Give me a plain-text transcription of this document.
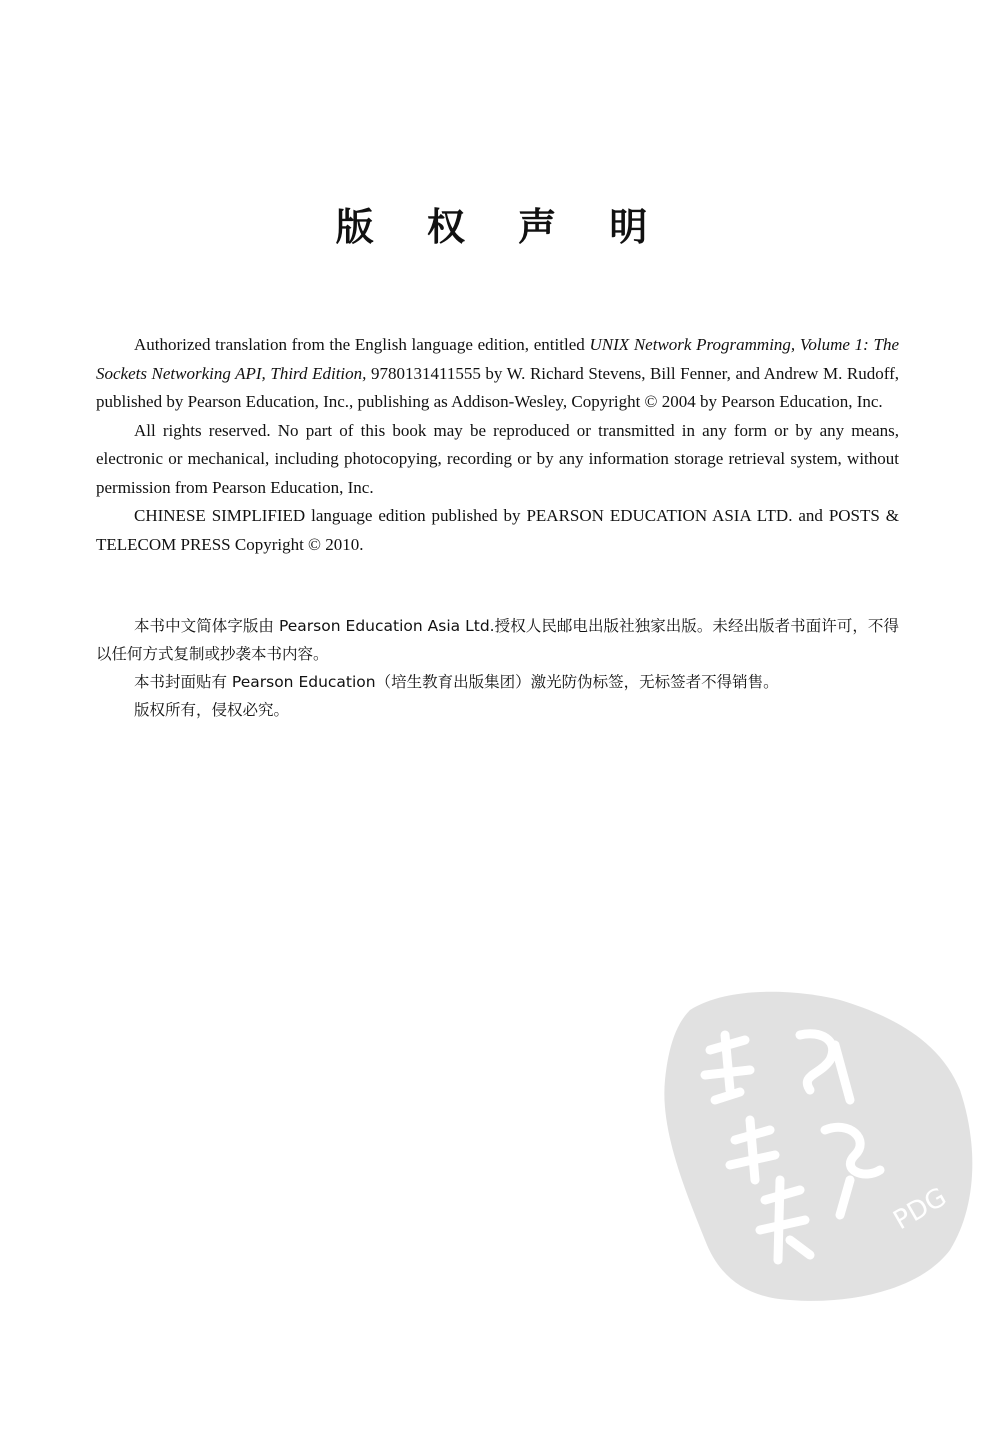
版 权 声 明

Authorized translation from the English language edition, entitled UNIX Network Programming, Volume 1: The Sockets Networking API, Third Edition, 9780131411555 by W. Richard Stevens, Bill Fenner, and Andrew M. Rudoff, published by Pearson Education, Inc., publishing as Addison-Wesley, Copyright © 2004 by Pearson Education, Inc.

All rights reserved. No part of this book may be reproduced or transmitted in any form or by any means, electronic or mechanical, including photocopying, recording or by any information storage retrieval system, without permission from Pearson Education, Inc.

CHINESE SIMPLIFIED language edition published by PEARSON EDUCATION ASIA LTD. and POSTS & TELECOM PRESS Copyright © 2010.

本书中文简体字版由 Pearson Education Asia Ltd.授权人民邮电出版社独家出版。未经出版者书面许可，不得以任何方式复制或抄袭本书内容。

本书封面贴有 Pearson Education（培生教育出版集团）激光防伪标签，无标签者不得销售。

版权所有，侵权必究。

PDG
